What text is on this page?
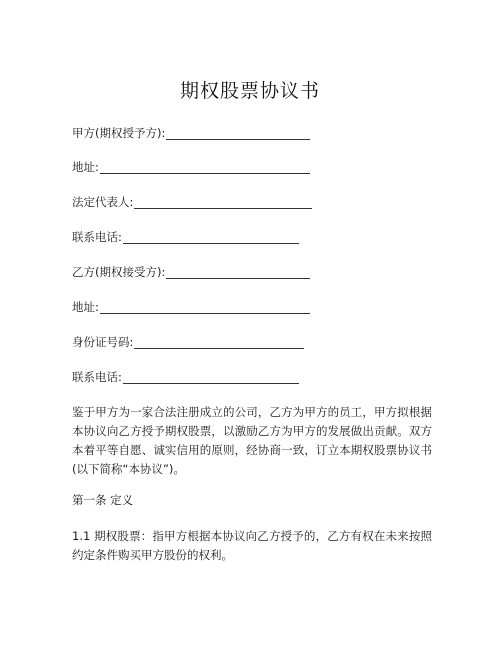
期权股票协议书
甲方(期权授予方):
地址:
法定代表人:
联系电话:
乙方(期权接受方):
地址:
身份证号码:
联系电话:
鉴于甲方为一家合法注册成立的公司，乙方为甲方的员工，甲方拟根据本协议向乙方授予期权股票，以激励乙方为甲方的发展做出贡献。双方本着平等自愿、诚实信用的原则，经协商一致，订立本期权股票协议书(以下简称“本协议”)。
第一条 定义
1.1 期权股票：指甲方根据本协议向乙方授予的，乙方有权在未来按照约定条件购买甲方股份的权利。
